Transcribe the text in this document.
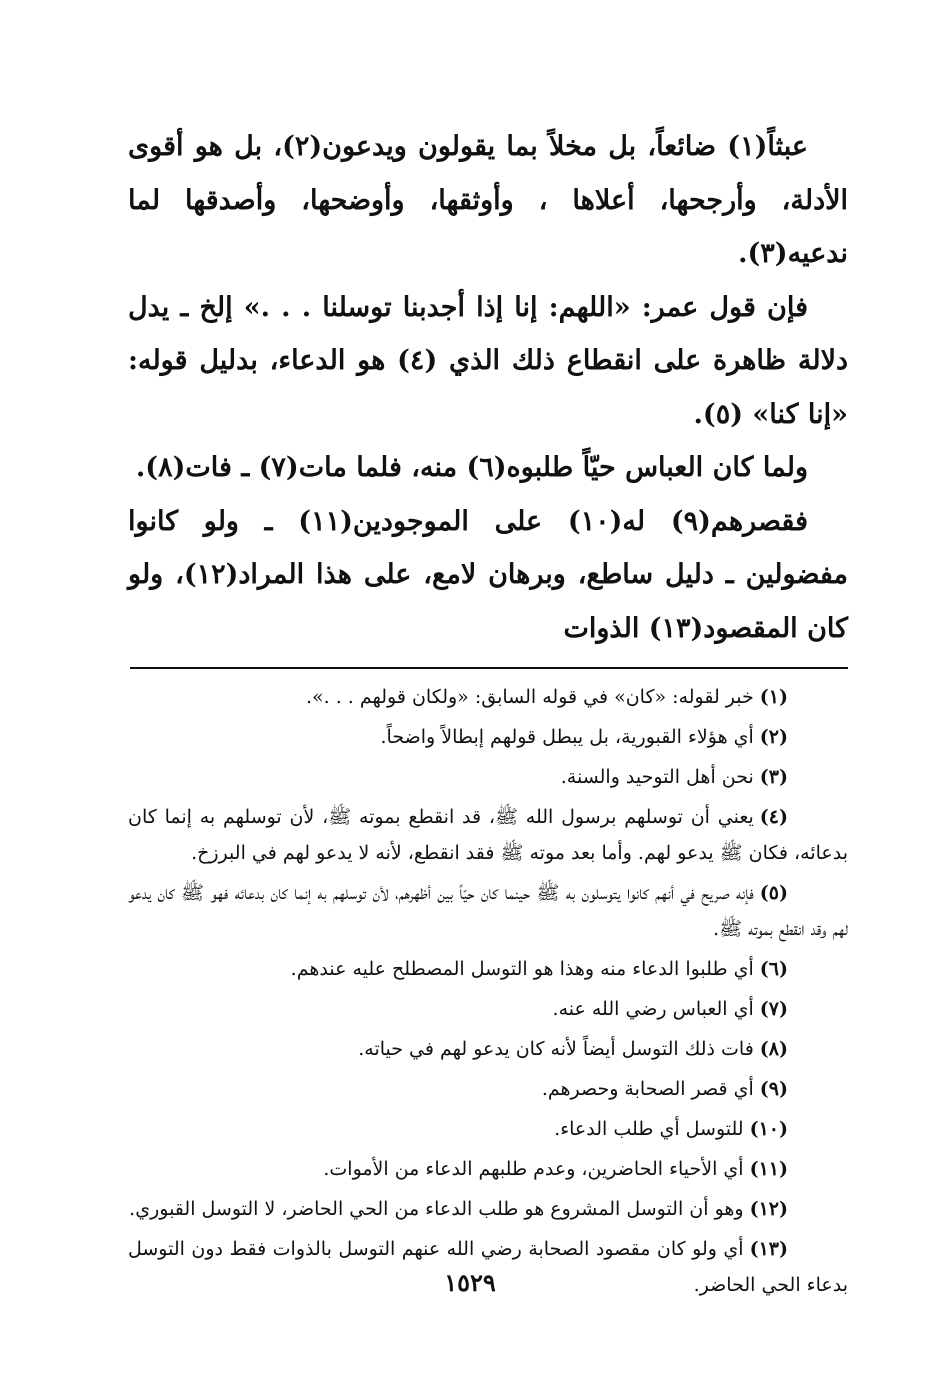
عبثاً(١) ضائعاً، بل مخلاً بما يقولون ويدعون(٢)، بل هو أقوى الأدلة، وأرجحها، أعلاها ، وأوثقها، وأوضحها، وأصدقها لما ندعيه(٣).

فإن قول عمر: «اللهم: إنا إذا أجدبنا توسلنا . . .» إلخ ـ يدل دلالة ظاهرة على انقطاع ذلك الذي (٤) هو الدعاء، بدليل قوله: «إنا كنا» (٥).

ولما كان العباس حيّاً طلبوه(٦) منه، فلما مات(٧) ـ فات(٨).

فقصرهم(٩) له(١٠) على الموجودين(١١) ـ ولو كانوا مفضولين ـ دليل ساطع، وبرهان لامع، على هذا المراد(١٢)، ولو كان المقصود(١٣) الذوات

(١)خبر لقوله: «كان» في قوله السابق: «ولكان قولهم . . .».
(٢)أي هؤلاء القبورية، بل يبطل قولهم إبطالاً واضحاً.
(٣)نحن أهل التوحيد والسنة.
(٤)يعني أن توسلهم برسول الله ﷺ، قد انقطع بموته ﷺ، لأن توسلهم به إنما كان بدعائه، فكان ﷺ يدعو لهم. وأما بعد موته ﷺ فقد انقطع، لأنه لا يدعو لهم في البرزخ.
(٥)فإنه صريح في أنهم كانوا يتوسلون به ﷺ حينما كان حيّاً بين أظهرهم، لأن توسلهم به إنما كان بدعائه فهو ﷺ كان يدعو لهم وقد انقطع بموته ﷺ.
(٦)أي طلبوا الدعاء منه وهذا هو التوسل المصطلح عليه عندهم.
(٧)أي العباس رضي الله عنه.
(٨)فات ذلك التوسل أيضاً لأنه كان يدعو لهم في حياته.
(٩)أي قصر الصحابة وحصرهم.
(١٠)للتوسل أي طلب الدعاء.
(١١)أي الأحياء الحاضرين، وعدم طلبهم الدعاء من الأموات.
(١٢)وهو أن التوسل المشروع هو طلب الدعاء من الحي الحاضر، لا التوسل القبوري.
(١٣)أي ولو كان مقصود الصحابة رضي الله عنهم التوسل بالذوات فقط دون التوسل بدعاء الحي الحاضر.
١٥٢٩
